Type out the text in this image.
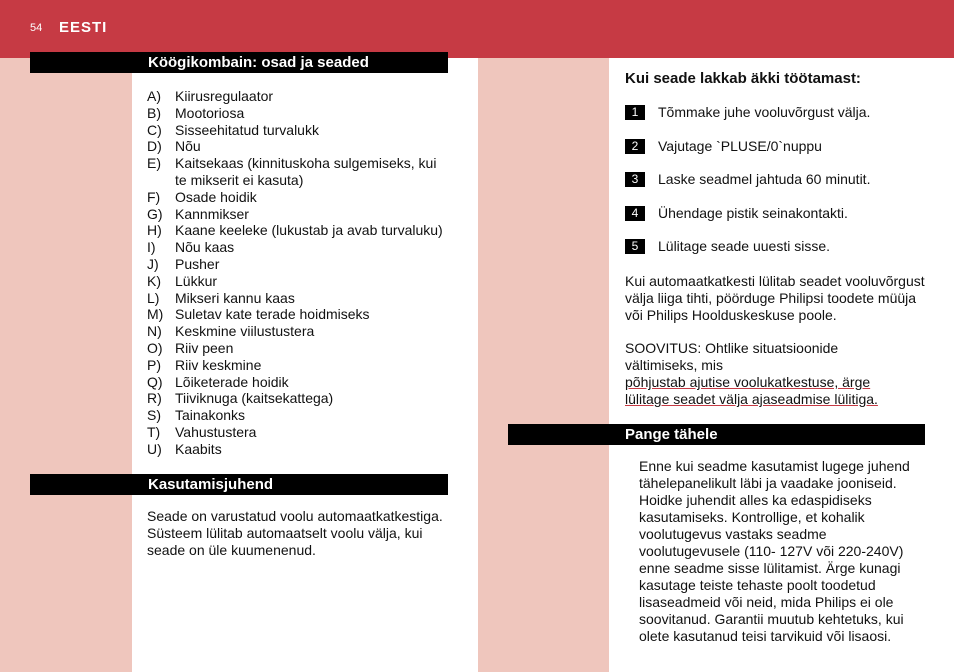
54 EESTI
Köögikombain: osad ja seaded
A)	Kiirusregulaator
B)	Mootoriosa
C) Sisseehitatud turvalukk
D) Nõu
E)	Kaitsekaas (kinnituskoha sulgemiseks, kui te mikserit ei kasuta)
F)	Osade hoidik
G) Kannmikser
H) Kaane keeleke (lukustab ja avab turvaluku)
I)	Nõu kaas
J)	Pusher
K)	Lükkur
L)	Mikseri kannu kaas
M) Suletav kate terade hoidmiseks
N) Keskmine viilustustera
O) Riiv peen
P)	Riiv keskmine
Q) Lõiketerade hoidik
R) Tiiviknuga (kaitsekattega)
S)	Tainakonks
T)	Vahustustera
U) Kaabits
Kasutamisjuhend

Seade on varustatud voolu automaatkatkestiga. Süsteem lülitab automaatselt voolu välja, kui seade on üle kuumenenud.

Kui seade lakkab äkki töötamast:
1	Tõmmake juhe vooluvõrgust välja.
2	Vajutage `PLUSE/0`nuppu
3	Laske seadmel jahtuda 60 minutit.
4	Ühendage pistik seinakontakti.
5	Lülitage seade uuesti sisse.

Kui automaatkatkesti lülitab seadet vooluvõrgust välja liiga tihti, pöörduge Philipsi toodete müüja või Philips Hoolduskeskuse poole.

SOOVITUS: Ohtlike situatsioonide vältimiseks, mis
põhjustab ajutise voolukatkestuse, ärge lülitage seadet välja ajaseadmise lülitiga.
Pange tähele

Enne kui seadme kasutamist lugege juhend tähelepanelikult läbi ja vaadake jooniseid. Hoidke juhendit alles ka edaspidiseks kasutamiseks. Kontrollige, et kohalik voolutugevus vastaks seadme voolutugevusele (110- 127V või 220-240V) enne seadme sisse lülitamist. Ärge kunagi kasutage teiste tehaste poolt toodetud lisaseadmeid või neid, mida Philips ei ole soovitanud. Garantii muutub kehtetuks, kui olete kasutanud teisi tarvikuid või lisaosi.
